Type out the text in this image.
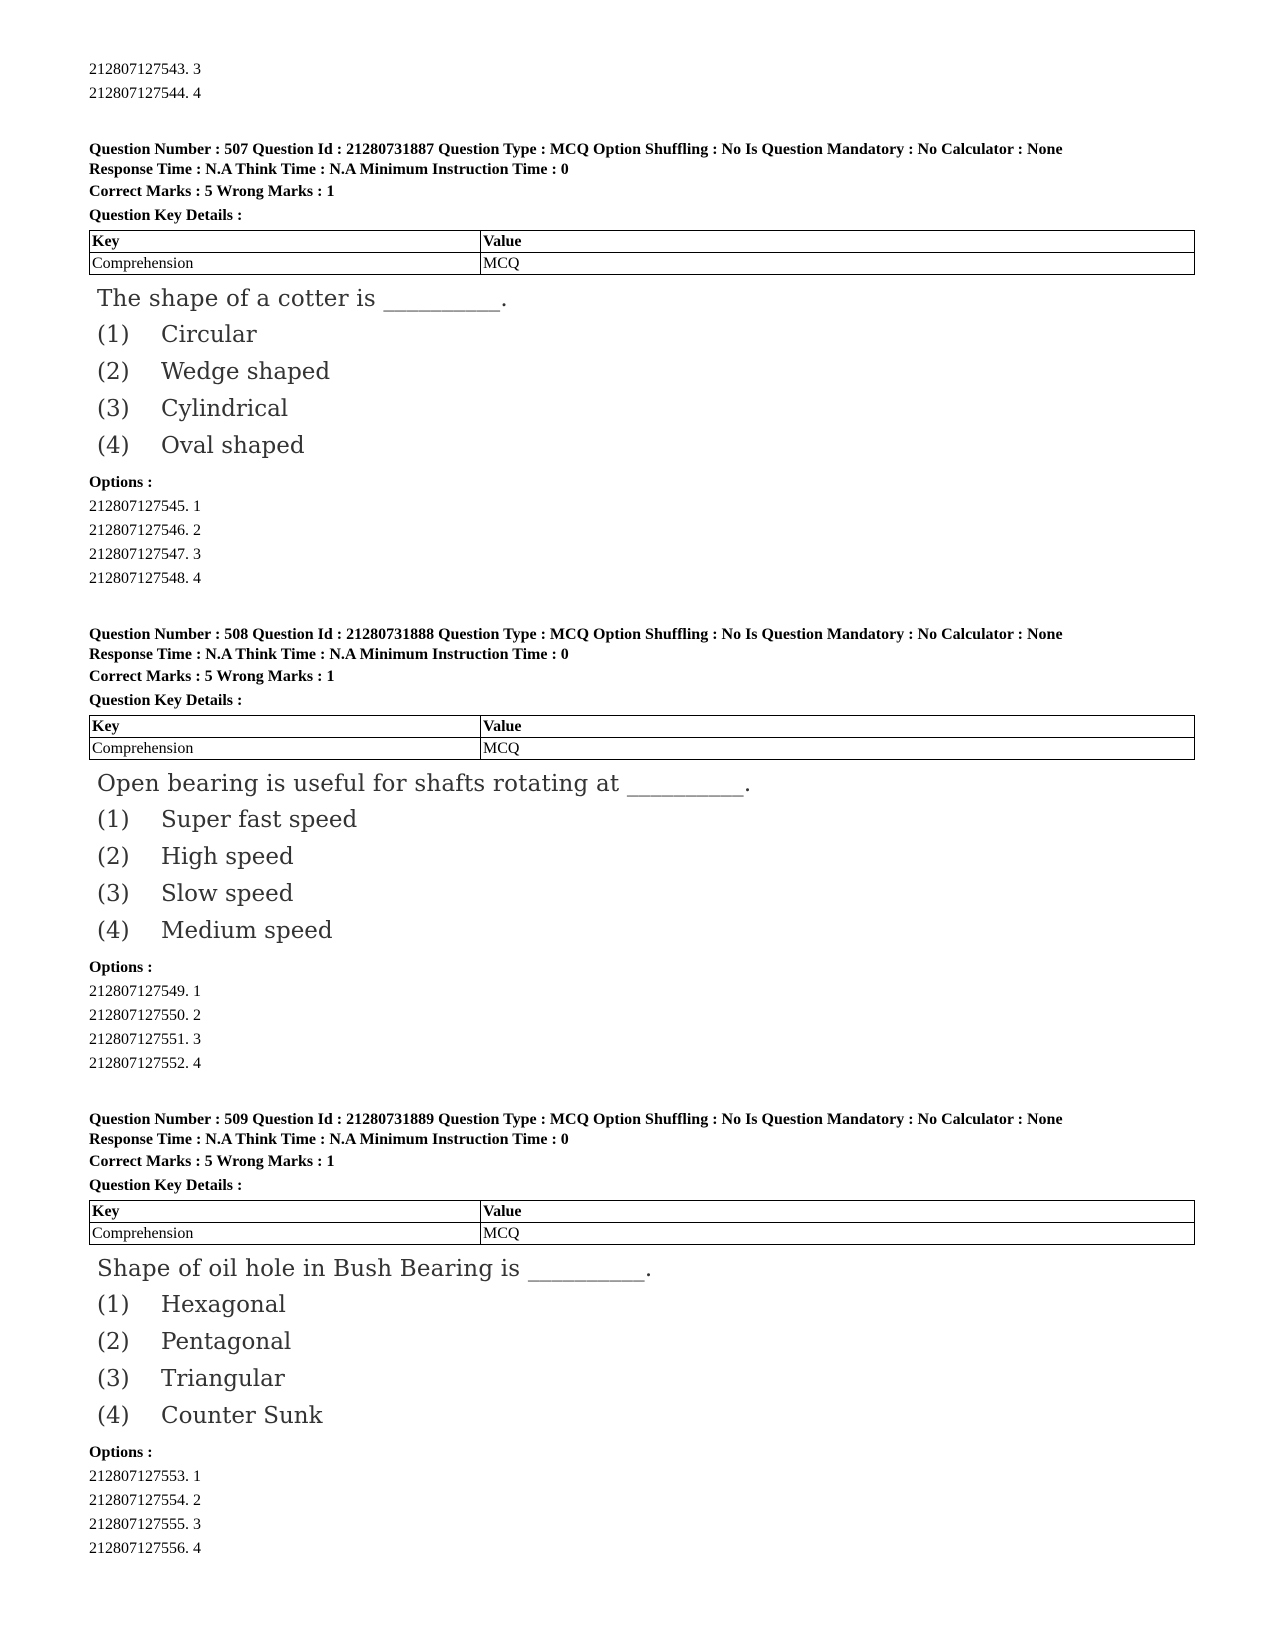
212807127543. 3

212807127544. 4

Question Number : 507 Question Id : 21280731887 Question Type : MCQ Option Shuffling : No Is Question Mandatory : No Calculator : None

Response Time : N.A Think Time : N.A Minimum Instruction Time : 0

Correct Marks : 5 Wrong Marks : 1

Question Key Details :

Key	Value
Comprehension	MCQ
The shape of a cotter is __________.
(1) Circular
(2) Wedge shaped
(3) Cylindrical
(4) Oval shaped

Options :

212807127545. 1

212807127546. 2

212807127547. 3

212807127548. 4

Question Number : 508 Question Id : 21280731888 Question Type : MCQ Option Shuffling : No Is Question Mandatory : No Calculator : None

Response Time : N.A Think Time : N.A Minimum Instruction Time : 0

Correct Marks : 5 Wrong Marks : 1

Question Key Details :

Key	Value
Comprehension	MCQ
Open bearing is useful for shafts rotating at __________.
(1) Super fast speed
(2) High speed
(3) Slow speed
(4) Medium speed

Options :

212807127549. 1

212807127550. 2

212807127551. 3

212807127552. 4

Question Number : 509 Question Id : 21280731889 Question Type : MCQ Option Shuffling : No Is Question Mandatory : No Calculator : None

Response Time : N.A Think Time : N.A Minimum Instruction Time : 0

Correct Marks : 5 Wrong Marks : 1

Question Key Details :

Key	Value
Comprehension	MCQ
Shape of oil hole in Bush Bearing is __________.
(1) Hexagonal
(2) Pentagonal
(3) Triangular
(4) Counter Sunk

Options :

212807127553. 1

212807127554. 2

212807127555. 3

212807127556. 4
